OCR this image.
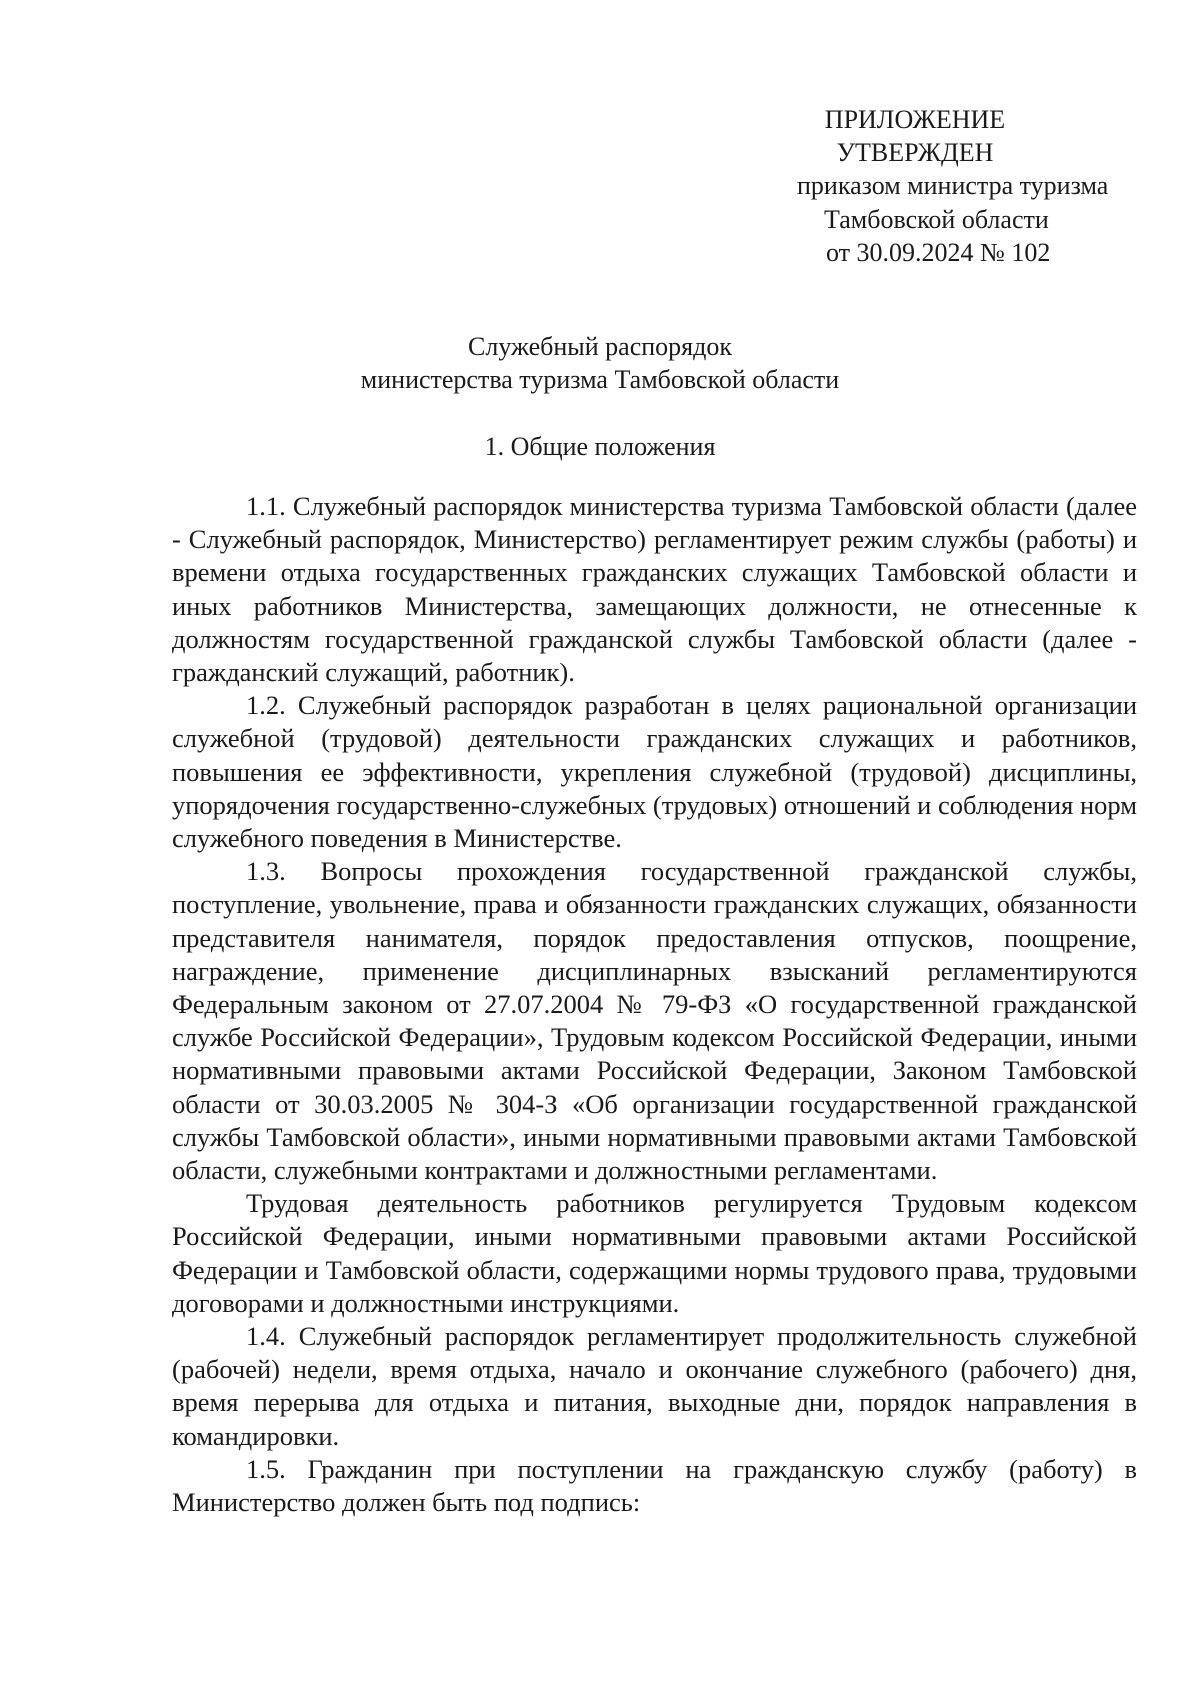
ПРИЛОЖЕНИЕ
УТВЕРЖДЕН
приказом министра туризма
Тамбовской области
от 30.09.2024 № 102
Служебный распорядок
министерства туризма Тамбовской области
1. Общие положения

1.1. Служебный распорядок министерства туризма Тамбовской области (далее - Служебный распорядок, Министерство) регламентирует режим службы (работы) и времени отдыха государственных гражданских служащих Тамбовской области и иных работников Министерства, замещающих должности, не отнесенные к должностям государственной гражданской службы Тамбовской области (далее - гражданский служащий, работник).

1.2. Служебный распорядок разработан в целях рациональной организации служебной (трудовой) деятельности гражданских служащих и работников, повышения ее эффективности, укрепления служебной (трудовой) дисциплины, упорядочения государственно-служебных (трудовых) отношений и соблюдения норм служебного поведения в Министерстве.

1.3. Вопросы прохождения государственной гражданской службы, поступление, увольнение, права и обязанности гражданских служащих, обязанности представителя нанимателя, порядок предоставления отпусков, поощрение, награждение, применение дисциплинарных взысканий регламентируются Федеральным законом от 27.07.2004 № 79-ФЗ «О государственной гражданской службе Российской Федерации», Трудовым кодексом Российской Федерации, иными нормативными правовыми актами Российской Федерации, Законом Тамбовской области от 30.03.2005 № 304-З «Об организации государственной гражданской службы Тамбовской области», иными нормативными правовыми актами Тамбовской области, служебными контрактами и должностными регламентами.

Трудовая деятельность работников регулируется Трудовым кодексом Российской Федерации, иными нормативными правовыми актами Российской Федерации и Тамбовской области, содержащими нормы трудового права, трудовыми договорами и должностными инструкциями.

1.4. Служебный распорядок регламентирует продолжительность служебной (рабочей) недели, время отдыха, начало и окончание служебного (рабочего) дня, время перерыва для отдыха и питания, выходные дни, порядок направления в командировки.

1.5. Гражданин при поступлении на гражданскую службу (работу) в Министерство должен быть под подпись:
